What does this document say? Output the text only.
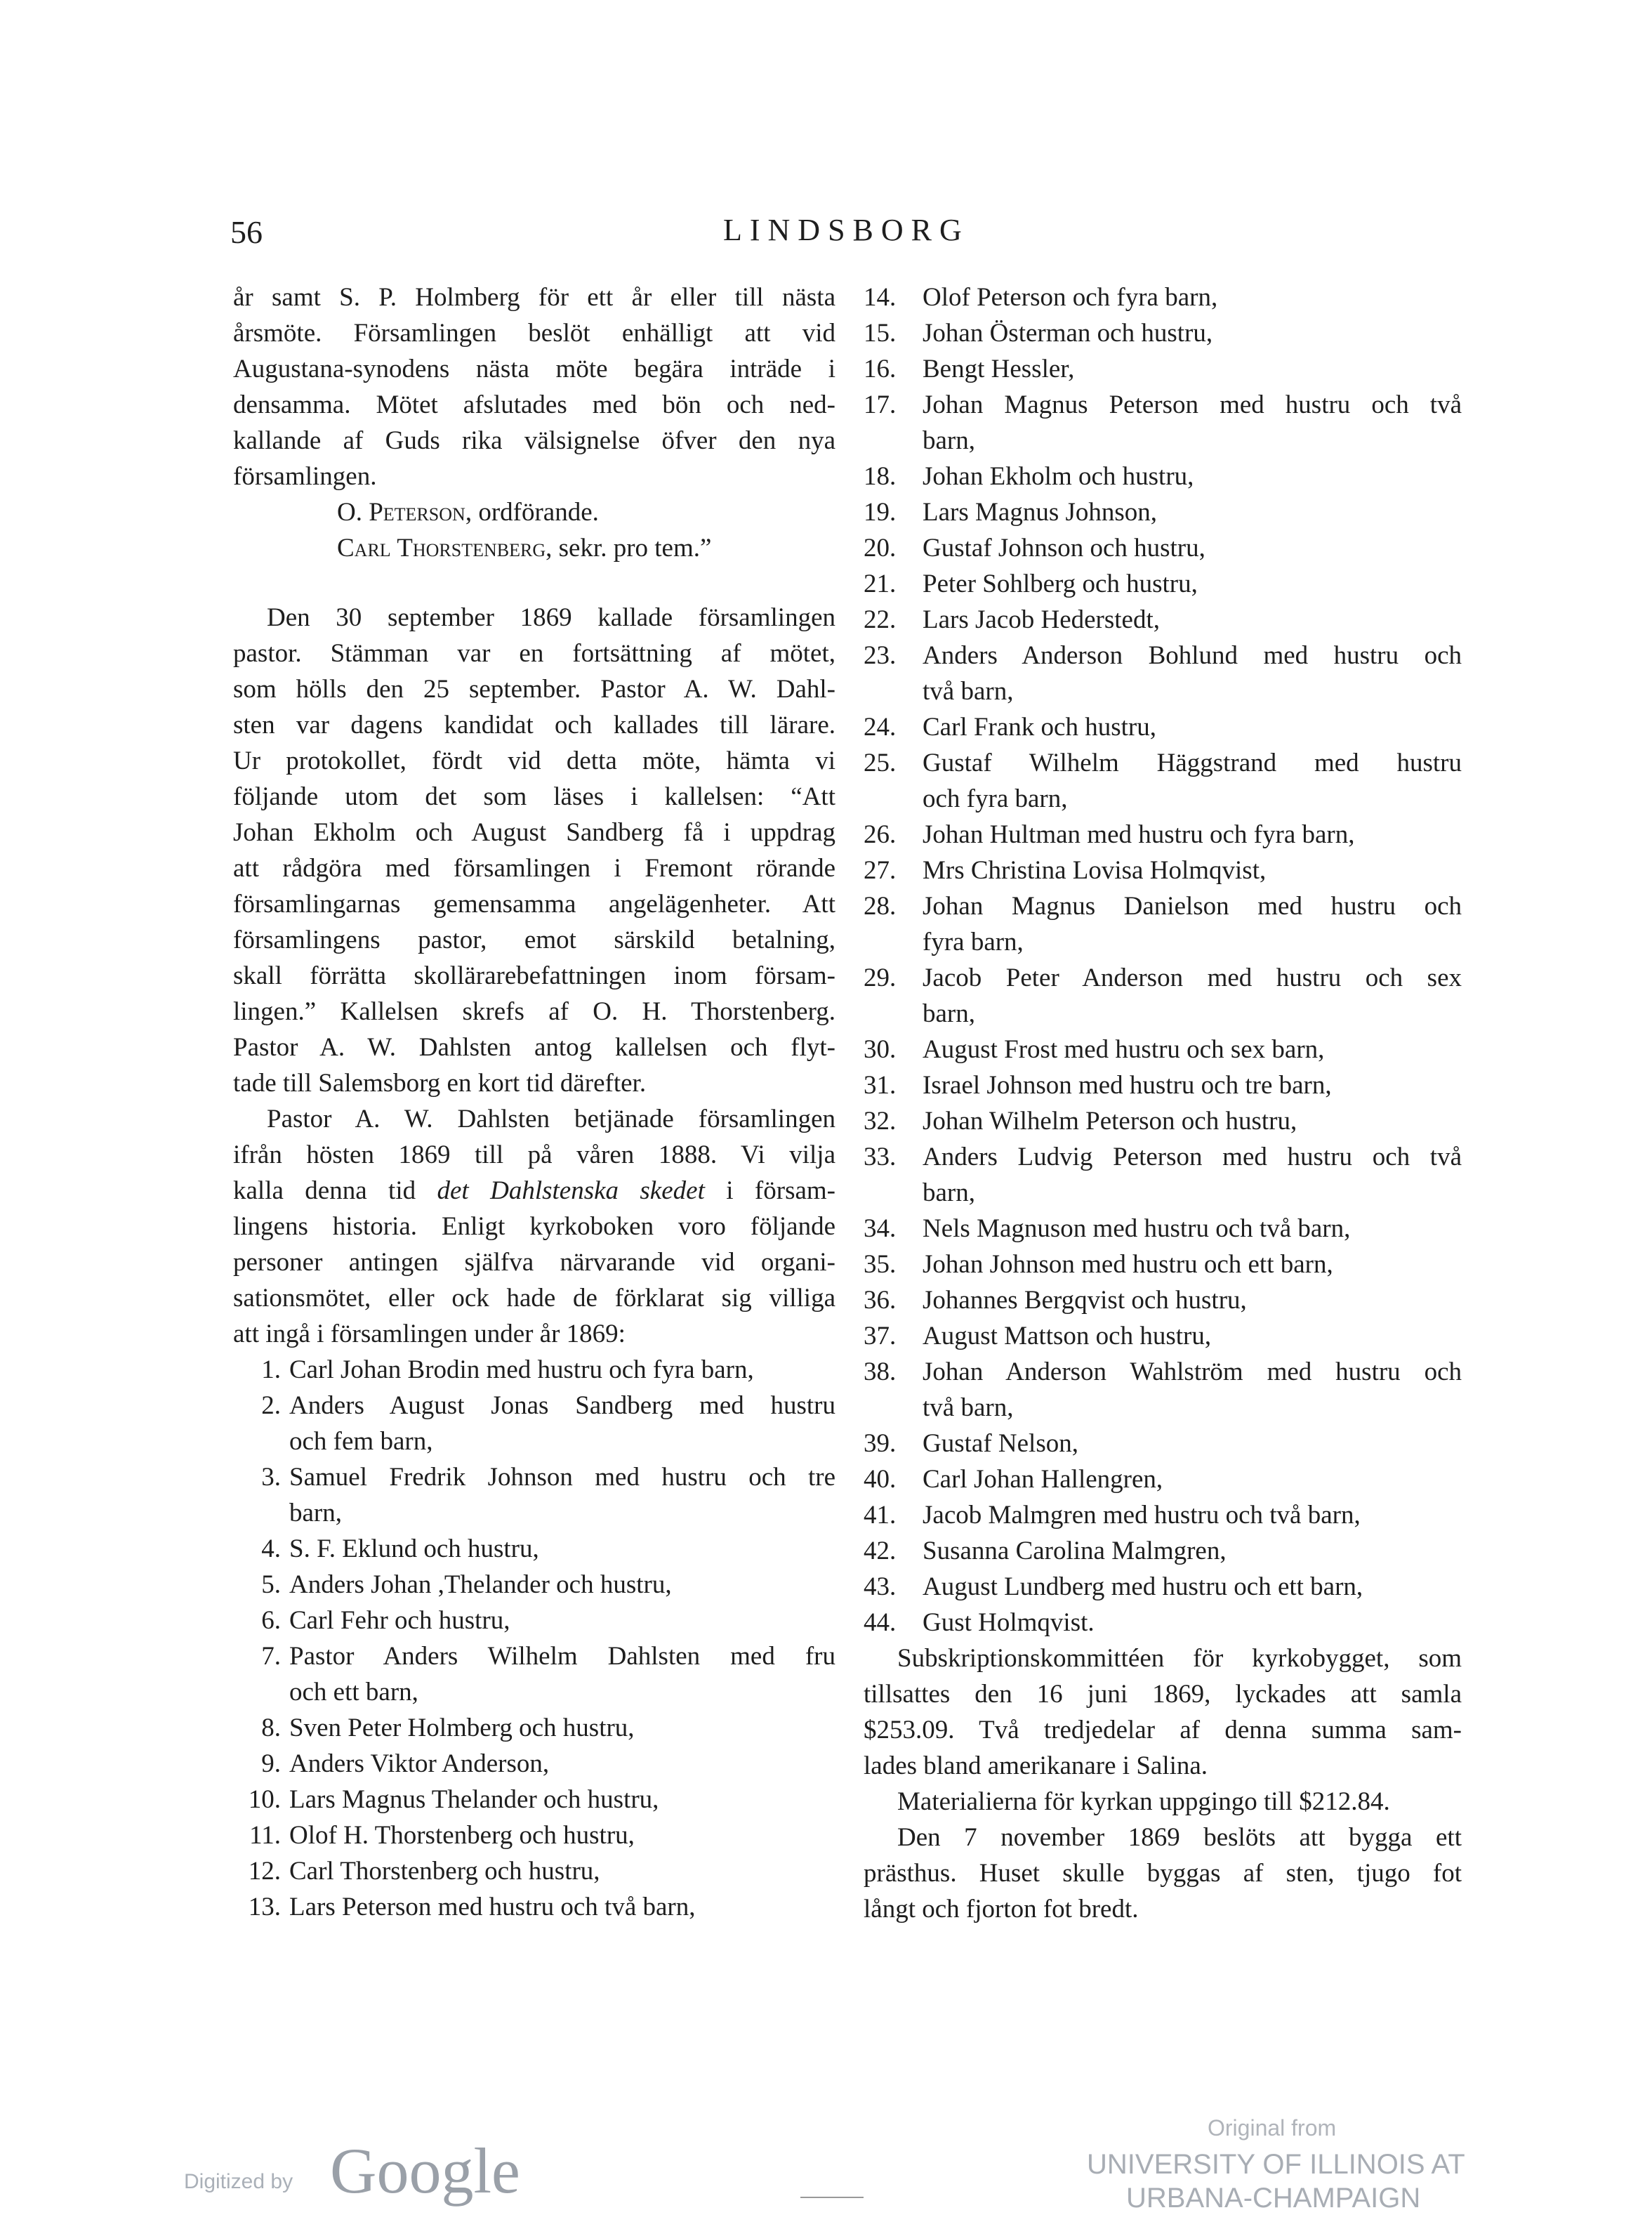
56	LINDSBORG
år samt S. P. Holmberg för ett år eller till nästa
årsmöte. Församlingen beslöt enhälligt att vid
Augustana-synodens nästa möte begära inträde i
densamma. Mötet afslutades med bön och ned-
kallande af Guds rika välsignelse öfver den nya
församlingen.
O. Peterson, ordförande.
Carl Thorstenberg, sekr. pro tem.”
Den 30 september 1869 kallade församlingen
pastor. Stämman var en fortsättning af mötet,
som hölls den 25 september. Pastor A. W. Dahl-
sten var dagens kandidat och kallades till lärare.
Ur protokollet, fördt vid detta möte, hämta vi
följande utom det som läses i kallelsen: “Att
Johan Ekholm och August Sandberg få i uppdrag
att rådgöra med församlingen i Fremont rörande
församlingarnas gemensamma angelägenheter. Att
församlingens pastor, emot särskild betalning,
skall förrätta skollärarebefattningen inom försam-
lingen.” Kallelsen skrefs af O. H. Thorstenberg.
Pastor A. W. Dahlsten antog kallelsen och flyt-
tade till Salemsborg en kort tid därefter.
Pastor A. W. Dahlsten betjänade församlingen
ifrån hösten 1869 till på våren 1888. Vi vilja
kalla denna tid det Dahlstenska skedet i försam-
lingens historia. Enligt kyrkoboken voro följande
personer antingen själfva närvarande vid organi-
sationsmötet, eller ock hade de förklarat sig villiga
att ingå i församlingen under år 1869:
1. Carl Johan Brodin med hustru och fyra barn,
2. Anders August Jonas Sandberg med hustru
och fem barn,
3. Samuel Fredrik Johnson med hustru och tre
barn,
4. S. F. Eklund och hustru,
5. Anders Johan ,Thelander och hustru,
6. Carl Fehr och hustru,
7. Pastor Anders Wilhelm Dahlsten med fru
och ett barn,
8. Sven Peter Holmberg och hustru,
9. Anders Viktor Anderson,
10. Lars Magnus Thelander och hustru,
11. Olof H. Thorstenberg och hustru,
12. Carl Thorstenberg och hustru,
13. Lars Peterson med hustru och två barn,
14.	Olof Peterson och fyra barn,
15.	Johan Österman och hustru,
16.	Bengt Hessler,
17.	Johan Magnus Peterson med hustru och två
barn,
18.	Johan Ekholm och hustru,
19.	Lars Magnus Johnson,
20.	Gustaf Johnson och hustru,
21.	Peter Sohlberg och hustru,
22.	Lars Jacob Hederstedt,
23.	Anders Anderson Bohlund med hustru och
två barn,
24.	Carl Frank och hustru,
25.	Gustaf Wilhelm Häggstrand med hustru
och fyra barn,
26.	Johan Hultman med hustru och fyra barn,
27.	Mrs Christina Lovisa Holmqvist,
28.	Johan Magnus Danielson med hustru och
fyra barn,
29.	Jacob Peter Anderson med hustru och sex
barn,
30.	August Frost med hustru och sex barn,
31.	Israel Johnson med hustru och tre barn,
32.	Johan Wilhelm Peterson och hustru,
33.	Anders Ludvig Peterson med hustru och två
barn,
34.	Nels Magnuson med hustru och två barn,
35.	Johan Johnson med hustru och ett barn,
36.	Johannes Bergqvist och hustru,
37.	August Mattson och hustru,
38.	Johan Anderson Wahlström med hustru och
två barn,
39.	Gustaf Nelson,
40.	Carl Johan Hallengren,
41.	Jacob Malmgren med hustru och två barn,
42.	Susanna Carolina Malmgren,
43.	August Lundberg med hustru och ett barn,
44.	Gust Holmqvist.
Subskriptionskommittéen för kyrkobygget, som
tillsattes den 16 juni 1869, lyckades att samla
$253.09. Två tredjedelar af denna summa sam-
lades bland amerikanare i Salina.
Materialierna för kyrkan uppgingo till $212.84.
Den 7 november 1869 beslöts att bygga ett
prästhus. Huset skulle byggas af sten, tjugo fot
långt och fjorton fot bredt.
Digitized by Google
Original from
UNIVERSITY OF ILLINOIS AT
URBANA-CHAMPAIGN
